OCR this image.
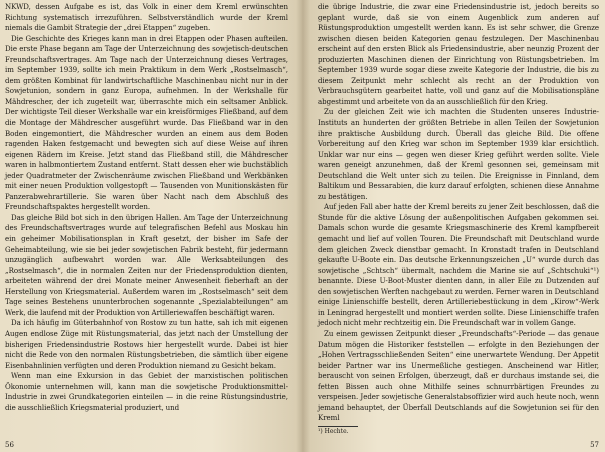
NKWD, dessen Aufgabe es ist, das Volk in einer dem Kreml erwünschten Richtung systematisch irrezuführen. Selbstverständlich wurde der Kreml niemals die Gambit Strategie der „drei Etappen“ zugeben.

Die Geschichte des Krieges kann man in drei Etappen oder Phasen aufteilen. Die erste Phase begann am Tage der Unterzeichnung des sowjetisch-deutschen Freundschaftsvertrages. Am Tage nach der Unterzeichnung dieses Vertrages, im September 1939, sollte ich mein Praktikum in dem Werk „Rostselmasch“, dem größten Kombinat für landwirtschaftliche Maschinenbau nicht nur in der Sowjetunion, sondern in ganz Europa, aufnehmen. In der Werkshalle für Mähdrescher, der ich zugeteilt war, überraschte mich ein seltsamer Anblick. Der wichtigste Teil dieser Werkshalle war ein kreisförmiges Fließband, auf dem die Montage der Mähdrescher ausgeführt wurde. Das Fließband war in den Boden eingemontiert, die Mähdrescher wurden an einem aus dem Boden ragenden Haken festgemacht und bewegten sich auf diese Weise auf ihren eigenen Rädern im Kreise. Jetzt stand das Fließband still, die Mähdrescher waren in halbmontiertem Zustand entfernt. Statt dessen eher wie buchstäblich jeder Quadratmeter der Zwischenräume zwischen Fließband und Werkbänken mit einer neuen Produktion vollgestopft — Tausenden von Munitionskästen für Panzerabwehrartillerie. Sie waren über Nacht nach dem Abschluß des Freundschaftspaktes hergestellt worden.

Das gleiche Bild bot sich in den übrigen Hallen. Am Tage der Unterzeichnung des Freundschaftsvertrages wurde auf telegrafischen Befehl aus Moskau hin ein geheimer Mobilisationsplan in Kraft gesetzt, der bisher im Safe der Geheimabteilung, wie sie bei jeder sowjetischen Fabrik besteht, für jedermann unzugänglich aufbewahrt worden war. Alle Werksabteilungen des „Rostselmasch“, die in normalen Zeiten nur der Friedensproduktion dienten, arbeiteten während der drei Monate meiner Anwesenheit fieberhaft an der Herstellung von Kriegsmaterial. Außerdem waren im „Rostselmasch“ seit dem Tage seines Bestehens ununterbrochen sogenannte „Spezialabteilungen“ am Werk, die laufend mit der Produktion von Artilleriewaffen beschäftigt waren.

Da ich häufig im Güterbahnhof von Rostow zu tun hatte, sah ich mit eigenen Augen endlose Züge mit Rüstungsmaterial, das jetzt nach der Umstellung der bisherigen Friedensindustrie Rostows hier hergestellt wurde. Dabei ist hier nicht die Rede von den normalen Rüstungsbetrieben, die sämtlich über eigene Eisenbahnlinien verfügten und deren Produktion niemand zu Gesicht bekam.

Wenn man eine Exkursion in das Gebiet der marxistischen politischen Ökonomie unternehmen will, kann man die sowjetische Produktionsmittel-Industrie in zwei Grundkategorien einteilen — in die reine Rüstungsindustrie, die ausschließlich Kriegsmaterial produziert, und

56

die übrige Industrie, die zwar eine Friedensindustrie ist, jedoch bereits so geplant wurde, daß sie von einem Augenblick zum anderen auf Rüstungsproduktion umgestellt werden kann. Es ist sehr schwer, die Grenze zwischen diesen beiden Kategorien genau festzulegen. Der Maschinenbau erscheint auf den ersten Blick als Friedensindustrie, aber neunzig Prozent der produzierten Maschinen dienen der Einrichtung von Rüstungsbetrieben. Im September 1939 wurde sogar diese zweite Kategorie der Industrie, die bis zu diesem Zeitpunkt mehr schlecht als recht an der Produktion von Verbrauchsgütern gearbeitet hatte, voll und ganz auf die Mobilisationspläne abgestimmt und arbeitete von da an ausschließlich für den Krieg.

Zu der gleichen Zeit wie ich machten die Studenten unseres Industrie-Instituts an hunderten der größten Betriebe in allen Teilen der Sowjetunion ihre praktische Ausbildung durch. Überall das gleiche Bild. Die offene Vorbereitung auf den Krieg war schon im September 1939 klar ersichtlich. Unklar war nur eins — gegen wen dieser Krieg geführt werden sollte. Viele waren geneigt anzunehmen, daß der Kreml gesonnen sei, gemeinsam mit Deutschland die Welt unter sich zu teilen. Die Ereignisse in Finnland, dem Baltikum und Bessarabien, die kurz darauf erfolgten, schienen diese Annahme zu bestätigen.

Auf jeden Fall aber hatte der Kreml bereits zu jener Zeit beschlossen, daß die Stunde für die aktive Lösung der außenpolitischen Aufgaben gekommen sei. Damals schon wurde die gesamte Kriegsmaschinerie des Kreml kampfbereit gemacht und lief auf vollen Touren. Die Freundschaft mit Deutschland wurde dem gleichen Zweck dienstbar gemacht. In Kronstadt trafen in Deutschland gekaufte U-Boote ein. Das deutsche Erkennungszeichen „U“ wurde durch das sowjetische „Schtsch“ übermalt, nachdem die Marine sie auf „Schtschuki“¹) benannte. Diese U-Boot-Muster dienten dann, in aller Eile zu Dutzenden auf den sowjetischen Werften nachgebaut zu werden. Ferner waren in Deutschland einige Linienschiffe bestellt, deren Artilleriebestückung in dem „Kirow“-Werk in Leningrad hergestellt und montiert werden sollte. Diese Linienschiffe trafen jedoch nicht mehr rechtzeitig ein. Die Freundschaft war in vollem Gange.

Zu einem gewissen Zeitpunkt dieser „Freundschafts“-Periode — das genaue Datum mögen die Historiker feststellen — erfolgte in den Beziehungen der „Hohen Vertragsschließenden Seiten“ eine unerwartete Wendung. Der Appetit beider Partner war ins Unermeßliche gestiegen. Anscheinend war Hitler, berauscht von seinen Erfolgen, überzeugt, daß er durchaus imstande sei, die fetten Bissen auch ohne Mithilfe seines schnurrbärtigen Freundes zu verspeisen. Jeder sowjetische Generalstabsoffizier wird auch heute noch, wenn jemand behauptet, der Überfall Deutschlands auf die Sowjetunion sei für den Kreml

¹) Hechte.

57
